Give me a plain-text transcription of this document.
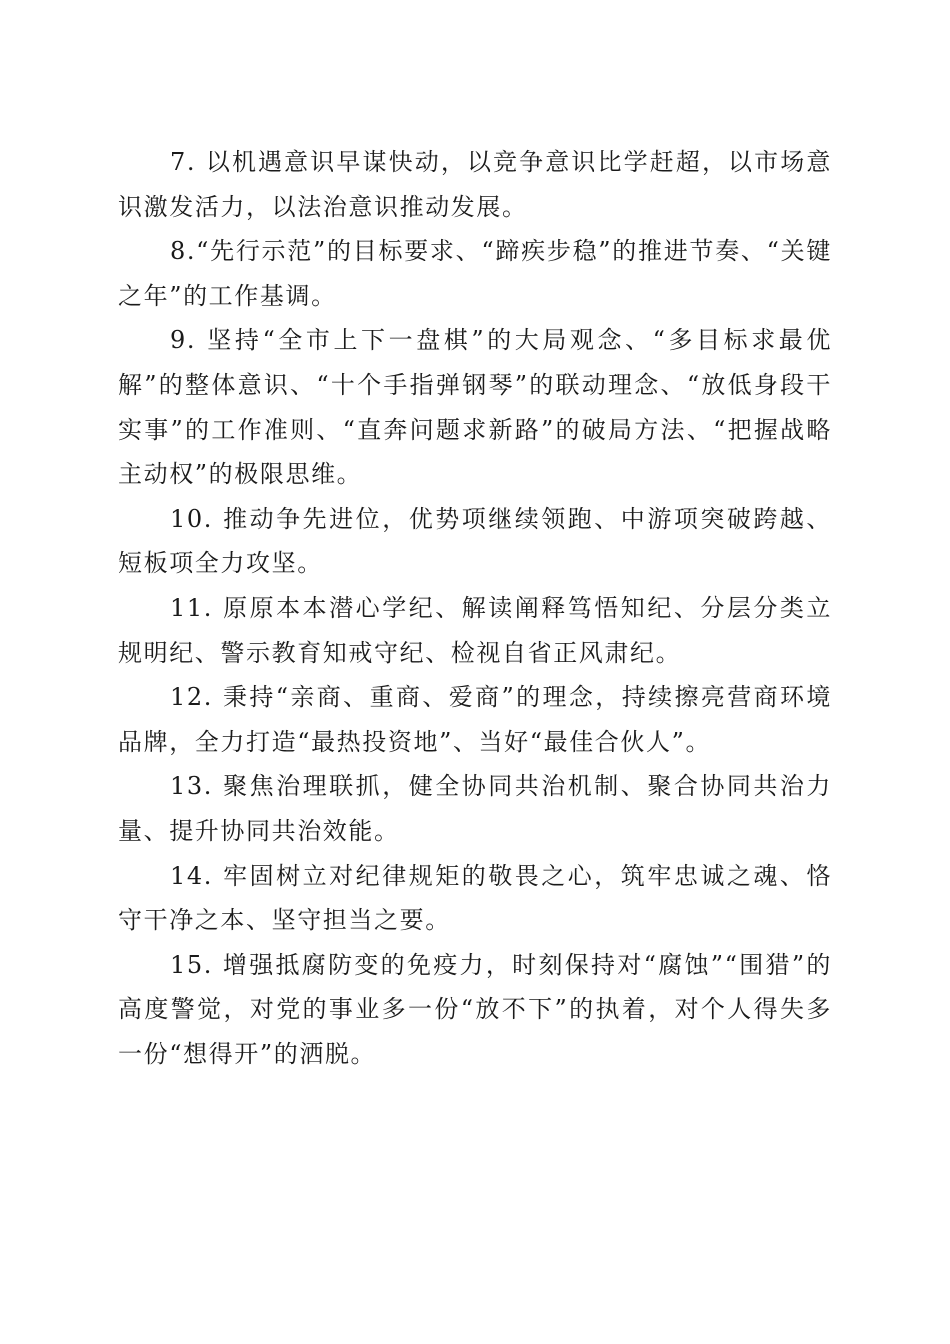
7. 以机遇意识早谋快动，以竞争意识比学赶超，以市场意识激发活力，以法治意识推动发展。

8.“先行示范”的目标要求、“蹄疾步稳”的推进节奏、“关键之年”的工作基调。

9. 坚持“全市上下一盘棋”的大局观念、“多目标求最优解”的整体意识、“十个手指弹钢琴”的联动理念、“放低身段干实事”的工作准则、“直奔问题求新路”的破局方法、“把握战略主动权”的极限思维。

10. 推动争先进位，优势项继续领跑、中游项突破跨越、短板项全力攻坚。

11. 原原本本潜心学纪、解读阐释笃悟知纪、分层分类立规明纪、警示教育知戒守纪、检视自省正风肃纪。

12. 秉持“亲商、重商、爱商”的理念，持续擦亮营商环境品牌，全力打造“最热投资地”、当好“最佳合伙人”。

13. 聚焦治理联抓，健全协同共治机制、聚合协同共治力量、提升协同共治效能。

14. 牢固树立对纪律规矩的敬畏之心，筑牢忠诚之魂、恪守干净之本、坚守担当之要。

15. 增强抵腐防变的免疫力，时刻保持对“腐蚀”“围猎”的高度警觉，对党的事业多一份“放不下”的执着，对个人得失多一份“想得开”的洒脱。
